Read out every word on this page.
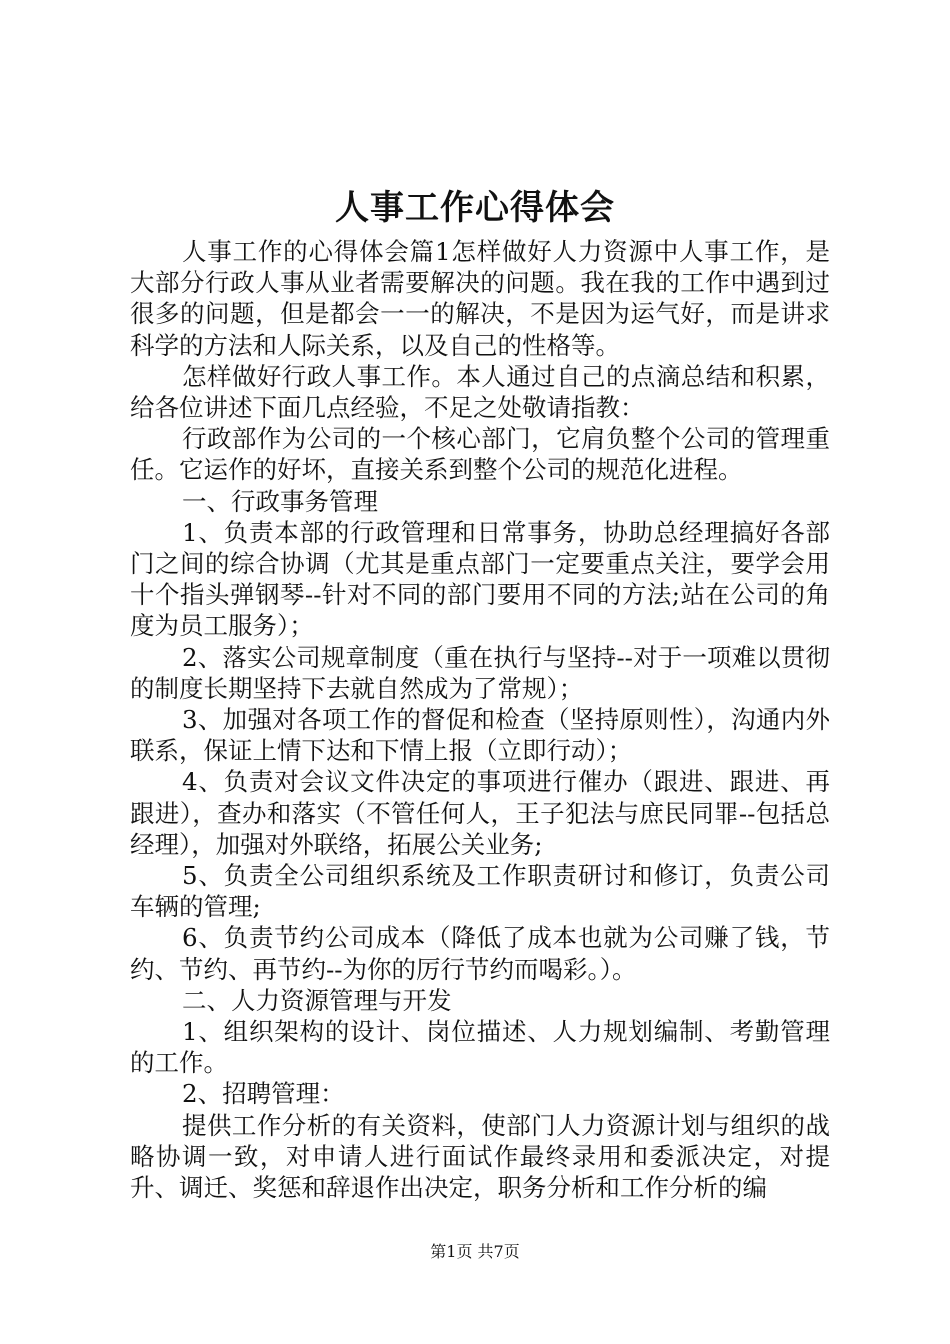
人事工作心得体会

人事工作的心得体会篇1怎样做好人力资源中人事工作，是大部分行政人事从业者需要解决的问题。我在我的工作中遇到过很多的问题，但是都会一一的解决，不是因为运气好，而是讲求科学的方法和人际关系，以及自己的性格等。

怎样做好行政人事工作。本人通过自己的点滴总结和积累，给各位讲述下面几点经验，不足之处敬请指教：

行政部作为公司的一个核心部门，它肩负整个公司的管理重任。它运作的好坏，直接关系到整个公司的规范化进程。

一、行政事务管理

1、负责本部的行政管理和日常事务，协助总经理搞好各部门之间的综合协调（尤其是重点部门一定要重点关注，要学会用十个指头弹钢琴--针对不同的部门要用不同的方法;站在公司的角度为员工服务）；

2、落实公司规章制度（重在执行与坚持--对于一项难以贯彻的制度长期坚持下去就自然成为了常规）；

3、加强对各项工作的督促和检查（坚持原则性），沟通内外联系，保证上情下达和下情上报（立即行动）；

4、负责对会议文件决定的事项进行催办（跟进、跟进、再跟进），查办和落实（不管任何人，王子犯法与庶民同罪--包括总经理），加强对外联络，拓展公关业务;

5、负责全公司组织系统及工作职责研讨和修订，负责公司车辆的管理;

6、负责节约公司成本（降低了成本也就为公司赚了钱，节约、节约、再节约--为你的厉行节约而喝彩。）。

二、人力资源管理与开发

1、组织架构的设计、岗位描述、人力规划编制、考勤管理的工作。

2、招聘管理：

提供工作分析的有关资料，使部门人力资源计划与组织的战略协调一致，对申请人进行面试作最终录用和委派决定，对提升、调迁、奖惩和辞退作出决定，职务分析和工作分析的编

第1页 共7页
